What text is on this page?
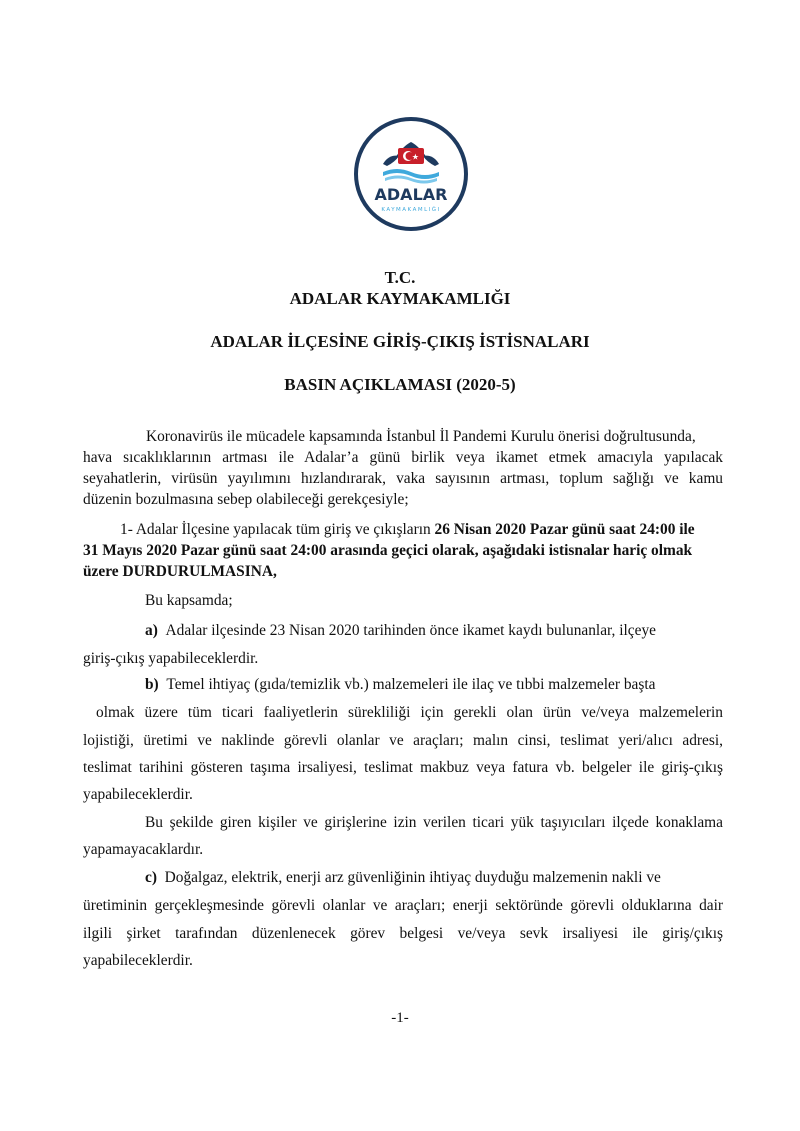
ADALAR
KAYMAKAMLIĞI
T.C.
ADALAR KAYMAKAMLIĞI
ADALAR İLÇESİNE GİRİŞ-ÇIKIŞ İSTİSNALARI
BASIN AÇIKLAMASI (2020-5)
Koronavirüs ile mücadele kapsamında İstanbul İl Pandemi Kurulu önerisi doğrultusunda,
hava sıcaklıklarının artması ile Adalar’a günü birlik veya ikamet etmek amacıyla yapılacak
seyahatlerin, virüsün yayılımını hızlandırarak, vaka sayısının artması, toplum sağlığı ve kamu
düzenin bozulmasına sebep olabileceği gerekçesiyle;
1- Adalar İlçesine yapılacak tüm giriş ve çıkışların 26 Nisan 2020 Pazar günü saat 24:00 ile
31 Mayıs 2020 Pazar günü saat 24:00 arasında geçici olarak, aşağıdaki istisnalar hariç olmak
üzere DURDURULMASINA,
Bu kapsamda;
a) Adalar ilçesinde 23 Nisan 2020 tarihinden önce ikamet kaydı bulunanlar, ilçeye
giriş-çıkış yapabileceklerdir.
b) Temel ihtiyaç (gıda/temizlik vb.) malzemeleri ile ilaç ve tıbbi malzemeler başta
olmak üzere tüm ticari faaliyetlerin sürekliliği için gerekli olan ürün ve/veya malzemelerin
lojistiği, üretimi ve naklinde görevli olanlar ve araçları; malın cinsi, teslimat yeri/alıcı adresi,
teslimat tarihini gösteren taşıma irsaliyesi, teslimat makbuz veya fatura vb. belgeler ile giriş-çıkış
yapabileceklerdir.
Bu şekilde giren kişiler ve girişlerine izin verilen ticari yük taşıyıcıları ilçede konaklama
yapamayacaklardır.
c) Doğalgaz, elektrik, enerji arz güvenliğinin ihtiyaç duyduğu malzemenin nakli ve
üretiminin gerçekleşmesinde görevli olanlar ve araçları; enerji sektöründe görevli olduklarına dair
ilgili şirket tarafından düzenlenecek görev belgesi ve/veya sevk irsaliyesi ile giriş/çıkış
yapabileceklerdir.
-1-
